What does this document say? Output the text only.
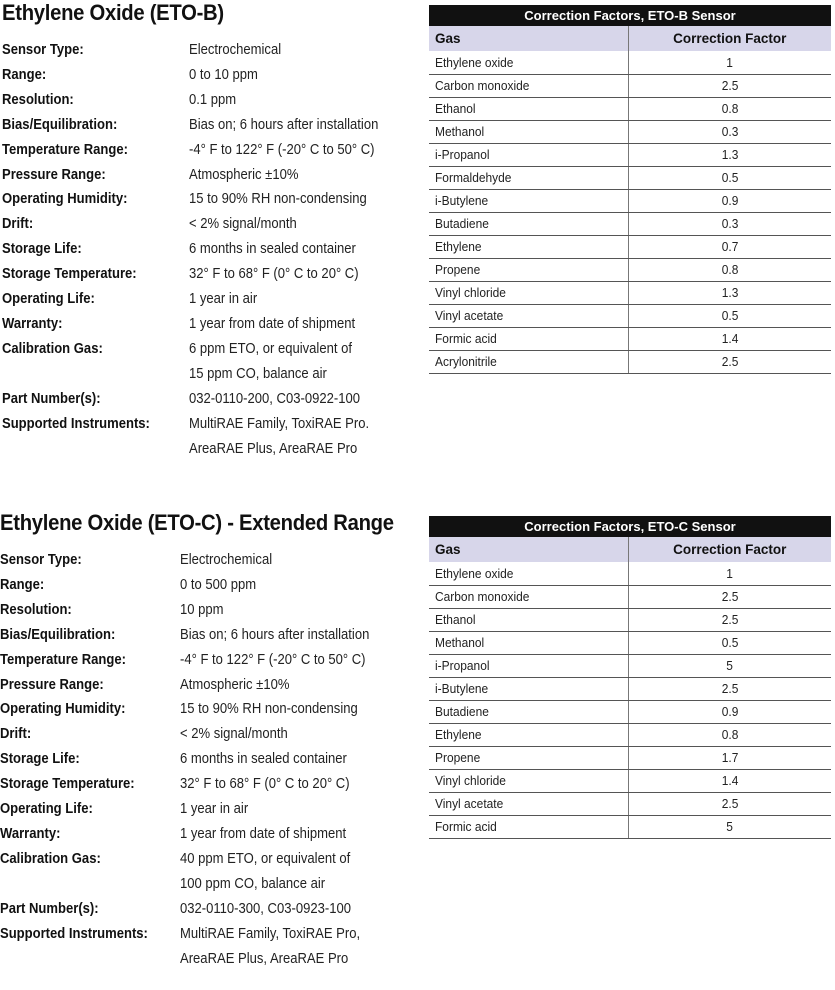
Ethylene Oxide (ETO-B)
Sensor Type:	Electrochemical
Range:	0 to 10 ppm
Resolution:	0.1 ppm
Bias/Equilibration:	Bias on; 6 hours after installation
Temperature Range:	-4° F to 122° F (-20° C to 50° C)
Pressure Range:	Atmospheric ±10%
Operating Humidity:	15 to 90% RH non-condensing
Drift:	< 2% signal/month
Storage Life:	6 months in sealed container
Storage Temperature:	32° F to 68° F (0° C to 20° C)
Operating Life:	1 year in air
Warranty:	1 year from date of shipment
Calibration Gas:	6 ppm ETO, or equivalent of
15 ppm CO, balance air
Part Number(s):	032-0110-200, C03-0922-100
Supported Instruments:	MultiRAE Family, ToxiRAE Pro.
AreaRAE Plus, AreaRAE Pro
Correction Factors, ETO-B Sensor	
Gas	Correction Factor
Ethylene oxide	1
Carbon monoxide	2.5
Ethanol	0.8
Methanol	0.3
i-Propanol	1.3
Formaldehyde	0.5
i-Butylene	0.9
Butadiene	0.3
Ethylene	0.7
Propene	0.8
Vinyl chloride	1.3
Vinyl acetate	0.5
Formic acid	1.4
Acrylonitrile	2.5
Ethylene Oxide (ETO-C) - Extended Range
Sensor Type:	Electrochemical
Range:	0 to 500 ppm
Resolution:	10 ppm
Bias/Equilibration:	Bias on; 6 hours after installation
Temperature Range:	-4° F to 122° F (-20° C to 50° C)
Pressure Range:	Atmospheric ±10%
Operating Humidity:	15 to 90% RH non-condensing
Drift:	< 2% signal/month
Storage Life:	6 months in sealed container
Storage Temperature:	32° F to 68° F (0° C to 20° C)
Operating Life:	1 year in air
Warranty:	1 year from date of shipment
Calibration Gas:	40 ppm ETO, or equivalent of
100 ppm CO, balance air
Part Number(s):	032-0110-300, C03-0923-100
Supported Instruments:	MultiRAE Family, ToxiRAE Pro,
AreaRAE Plus, AreaRAE Pro
Correction Factors, ETO-C Sensor	
Gas	Correction Factor
Ethylene oxide	1
Carbon monoxide	2.5
Ethanol	2.5
Methanol	0.5
i-Propanol	5
i-Butylene	2.5
Butadiene	0.9
Ethylene	0.8
Propene	1.7
Vinyl chloride	1.4
Vinyl acetate	2.5
Formic acid	5
